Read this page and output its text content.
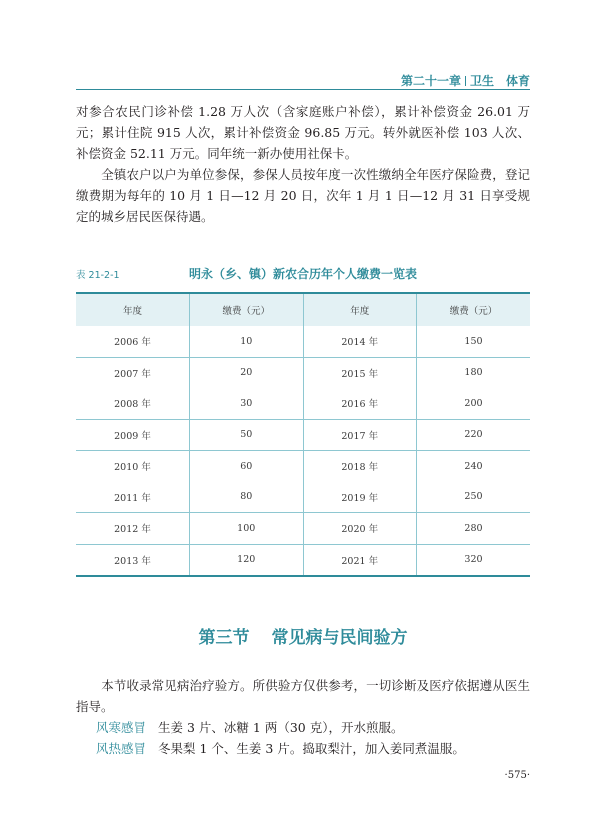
第二十一章 卫生　体育

对参合农民门诊补偿 1.28 万人次（含家庭账户补偿），累计补偿资金 26.01 万元；累计住院 915 人次，累计补偿资金 96.85 万元。转外就医补偿 103 人次、补偿资金 52.11 万元。同年统一新办使用社保卡。

　　全镇农户以户为单位参保，参保人员按年度一次性缴纳全年医疗保险费，登记缴费期为每年的 10 月 1 日—12 月 20 日，次年 1 月 1 日—12 月 31 日享受规定的城乡居民医保待遇。

表 21-2-1	明永（乡、镇）新农合历年个人缴费一览表
年度	缴费（元）	年度	缴费（元）
2006 年	10	2014 年	150
2007 年	20	2015 年	180
2008 年	30	2016 年	200
2009 年	50	2017 年	220
2010 年	60	2018 年	240
2011 年	80	2019 年	250
2012 年	100	2020 年	280
2013 年	120	2021 年	320
第三节 常见病与民间验方

　　本节收录常见病治疗验方。所供验方仅供参考，一切诊断及医疗依据遵从医生指导。

风寒感冒 生姜 3 片、冰糖 1 两（30 克），开水煎服。
风热感冒 冬果梨 1 个、生姜 3 片。捣取梨汁，加入姜同煮温服。
·575·
